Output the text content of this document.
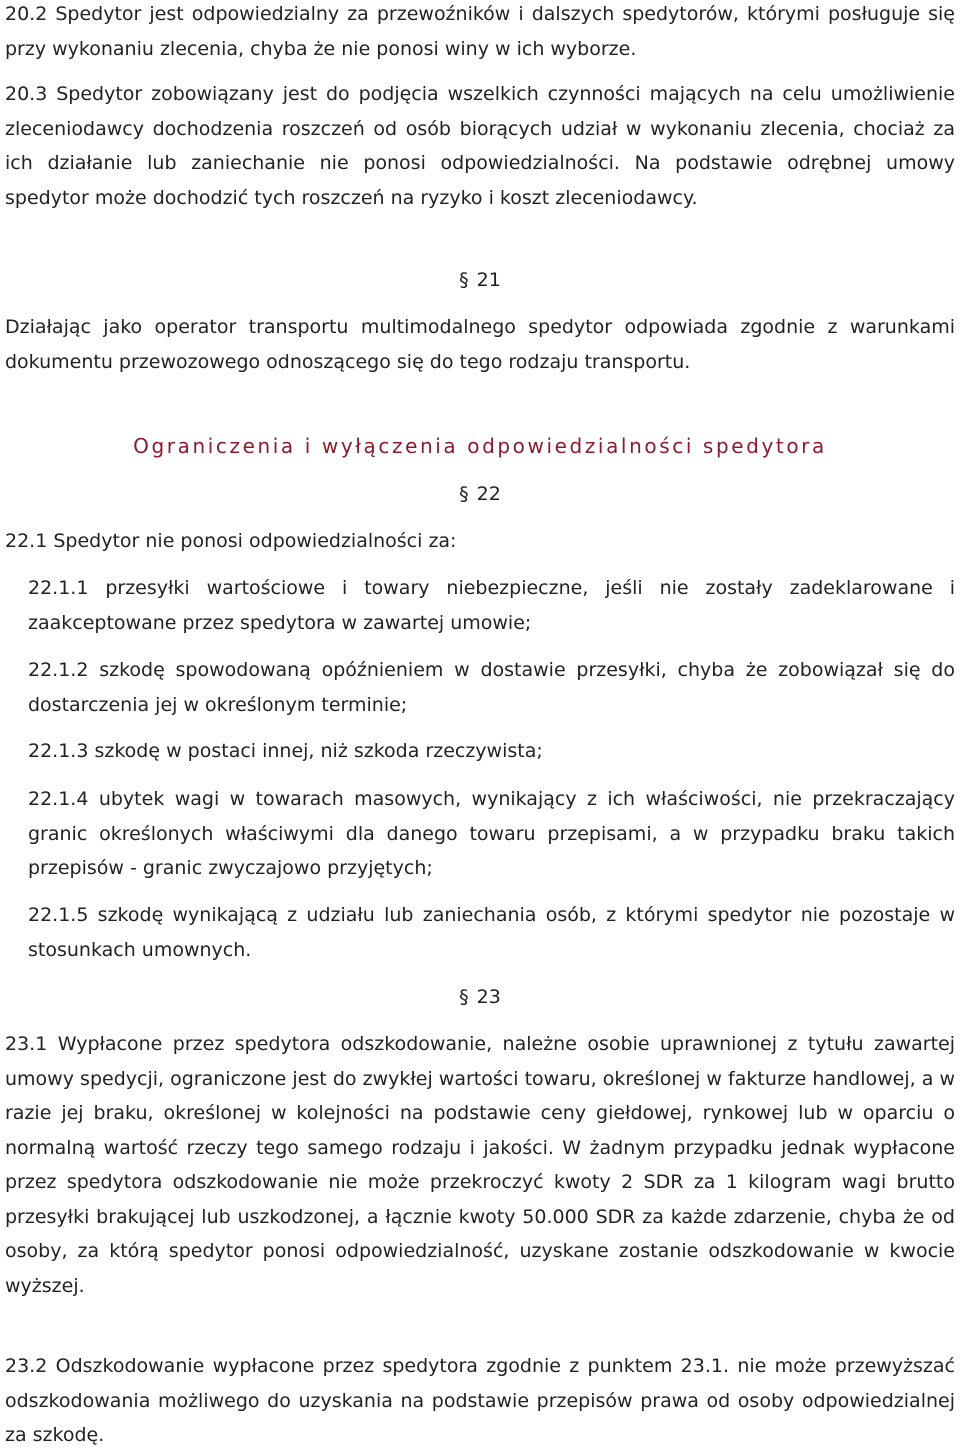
20.2 Spedytor jest odpowiedzialny za przewoźników i dalszych spedytorów, którymi posługuje się przy wykonaniu zlecenia, chyba że nie ponosi winy w ich wyborze.

20.3 Spedytor zobowiązany jest do podjęcia wszelkich czynności mających na celu umożliwienie zleceniodawcy dochodzenia roszczeń od osób biorących udział w wykonaniu zlecenia, chociaż za ich działanie lub zaniechanie nie ponosi odpowiedzialności. Na podstawie odrębnej umowy spedytor może dochodzić tych roszczeń na ryzyko i koszt zleceniodawcy.

§ 21

Działając jako operator transportu multimodalnego spedytor odpowiada zgodnie z warunkami dokumentu przewozowego odnoszącego się do tego rodzaju transportu.

Ograniczenia i wyłączenia odpowiedzialności spedytora
§ 22

22.1 Spedytor nie ponosi odpowiedzialności za:

22.1.1 przesyłki wartościowe i towary niebezpieczne, jeśli nie zostały zadeklarowane i zaakceptowane przez spedytora w zawartej umowie;

22.1.2 szkodę spowodowaną opóźnieniem w dostawie przesyłki, chyba że zobowiązał się do dostarczenia jej w określonym terminie;

22.1.3 szkodę w postaci innej, niż szkoda rzeczywista;

22.1.4 ubytek wagi w towarach masowych, wynikający z ich właściwości, nie przekraczający granic określonych właściwymi dla danego towaru przepisami, a w przypadku braku takich przepisów - granic zwyczajowo przyjętych;

22.1.5 szkodę wynikającą z udziału lub zaniechania osób, z którymi spedytor nie pozostaje w stosunkach umownych.

§ 23

23.1 Wypłacone przez spedytora odszkodowanie, należne osobie uprawnionej z tytułu zawartej umowy spedycji, ograniczone jest do zwykłej wartości towaru, określonej w fakturze handlowej, a w razie jej braku, określonej w kolejności na podstawie ceny giełdowej, rynkowej lub w oparciu o normalną wartość rzeczy tego samego rodzaju i jakości. W żadnym przypadku jednak wypłacone przez spedytora odszkodowanie nie może przekroczyć kwoty 2 SDR za 1 kilogram wagi brutto przesyłki brakującej lub uszkodzonej, a łącznie kwoty 50.000 SDR za każde zdarzenie, chyba że od osoby, za którą spedytor ponosi odpowiedzialność, uzyskane zostanie odszkodowanie w kwocie wyższej.

23.2 Odszkodowanie wypłacone przez spedytora zgodnie z punktem 23.1. nie może przewyższać odszkodowania możliwego do uzyskania na podstawie przepisów prawa od osoby odpowiedzialnej za szkodę.
